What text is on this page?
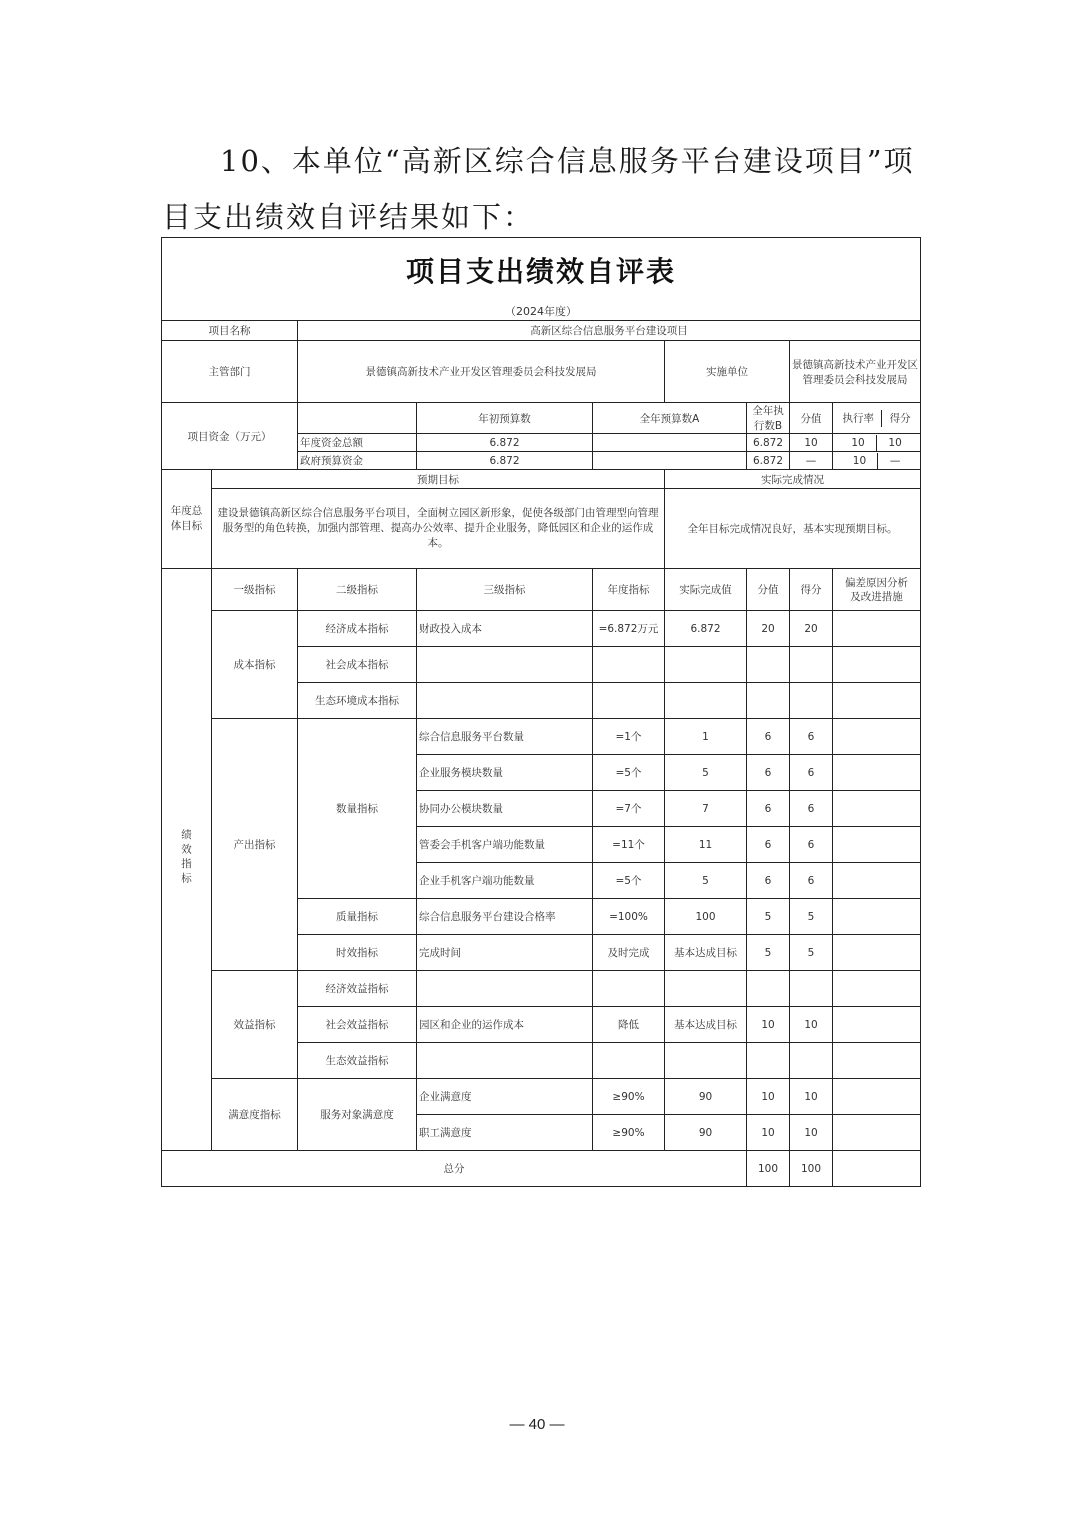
10、本单位“高新区综合信息服务平台建设项目”项目支出绩效自评结果如下：
项目支出绩效自评表								
（2024年度）								
项目名称		高新区综合信息服务平台建设项目						
主管部门		景德镇高新技术产业开发区管理委员会科技发展局			实施单位		景德镇高新技术产业开发区管理委员会科技发展局	
项目资金（万元）			年初预算数	全年预算数A		全年执行数B	分值	执行率 得分
		年度资金总额	6.872			6.872	10	10 10
		政府预算资金	6.872			6.872	—	10 —

年度总体目标	预期目标				实际完成情况			
	建设景德镇高新区综合信息服务平台项目，全面树立园区新形象，促使各级部门由管理型向管理服务型的角色转换，加强内部管理、提高办公效率、提升企业服务，降低园区和企业的运作成本。				全年目标完成情况良好，基本实现预期目标。			
绩效指标	一级指标	二级指标	三级指标	年度指标	实际完成值	分值	得分	偏差原因分析及改进措施
	成本指标	经济成本指标	财政投入成本	=6.872万元	6.872	20	20	
		社会成本指标						
		生态环境成本指标						
	产出指标	数量指标	综合信息服务平台数量	=1个	1	6	6	
			企业服务模块数量	=5个	5	6	6	
			协同办公模块数量	=7个	7	6	6	
			管委会手机客户端功能数量	=11个	11	6	6	
			企业手机客户端功能数量	=5个	5	6	6	
		质量指标	综合信息服务平台建设合格率	=100%	100	5	5	
		时效指标	完成时间	及时完成	基本达成目标	5	5	
	效益指标	经济效益指标						
		社会效益指标	园区和企业的运作成本	降低	基本达成目标	10	10	
		生态效益指标						
	满意度指标	服务对象满意度	企业满意度	≥90%	90	10	10	
			职工满意度	≥90%	90	10	10	
总分						100	100	
— 40 —
